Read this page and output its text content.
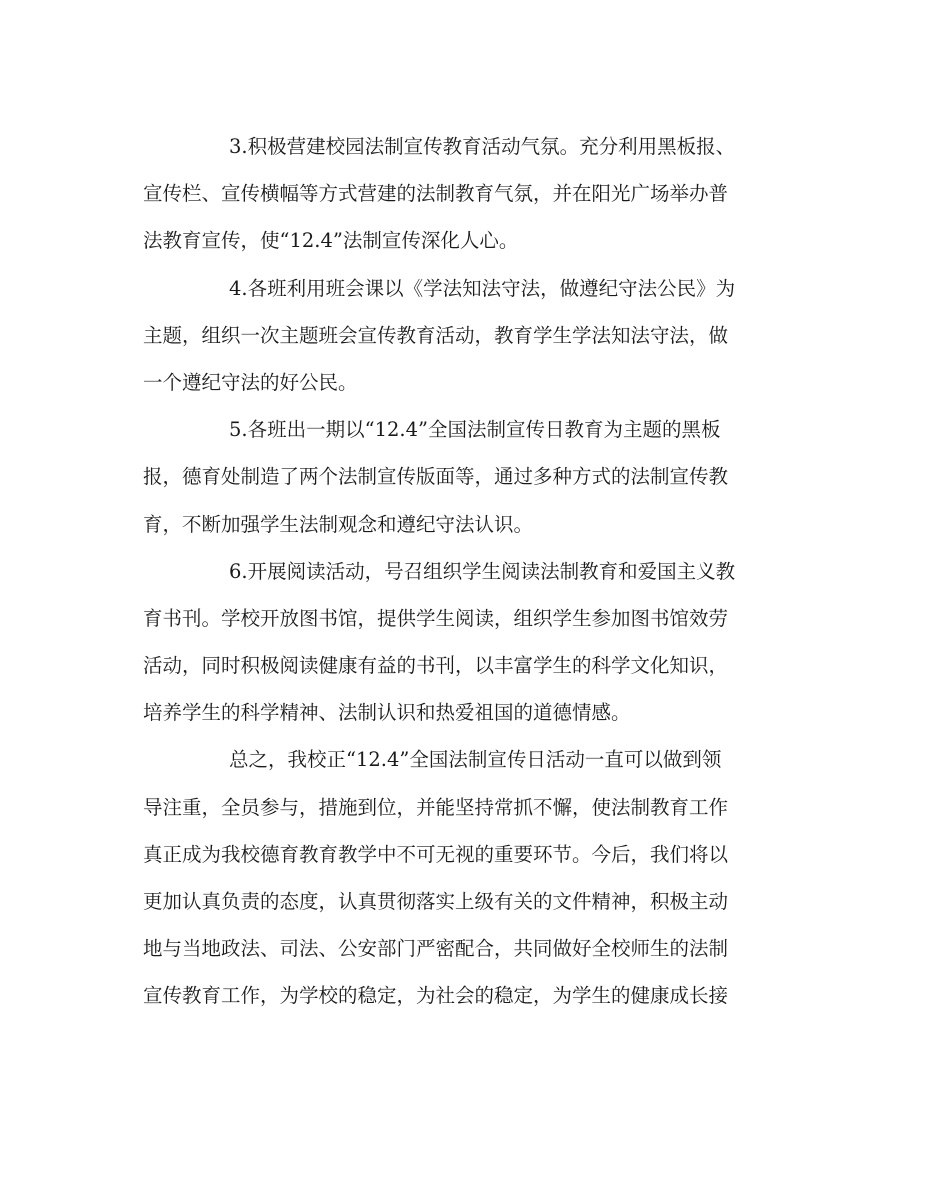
3.积极营建校园法制宣传教育活动气氛。充分利用黑板报、
宣传栏、宣传横幅等方式营建的法制教育气氛，并在阳光广场举办普
法教育宣传，使“12.4”法制宣传深化人心。
4.各班利用班会课以《学法知法守法，做遵纪守法公民》为
主题，组织一次主题班会宣传教育活动，教育学生学法知法守法，做
一个遵纪守法的好公民。
5.各班出一期以“12.4”全国法制宣传日教育为主题的黑板
报，德育处制造了两个法制宣传版面等，通过多种方式的法制宣传教
育，不断加强学生法制观念和遵纪守法认识。
6.开展阅读活动，号召组织学生阅读法制教育和爱国主义教
育书刊。学校开放图书馆，提供学生阅读，组织学生参加图书馆效劳
活动，同时积极阅读健康有益的书刊，以丰富学生的科学文化知识，
培养学生的科学精神、法制认识和热爱祖国的道德情感。
总之，我校正“12.4”全国法制宣传日活动一直可以做到领
导注重，全员参与，措施到位，并能坚持常抓不懈，使法制教育工作
真正成为我校德育教育教学中不可无视的重要环节。今后，我们将以
更加认真负责的态度，认真贯彻落实上级有关的文件精神，积极主动
地与当地政法、司法、公安部门严密配合，共同做好全校师生的法制
宣传教育工作，为学校的稳定，为社会的稳定，为学生的健康成长接
